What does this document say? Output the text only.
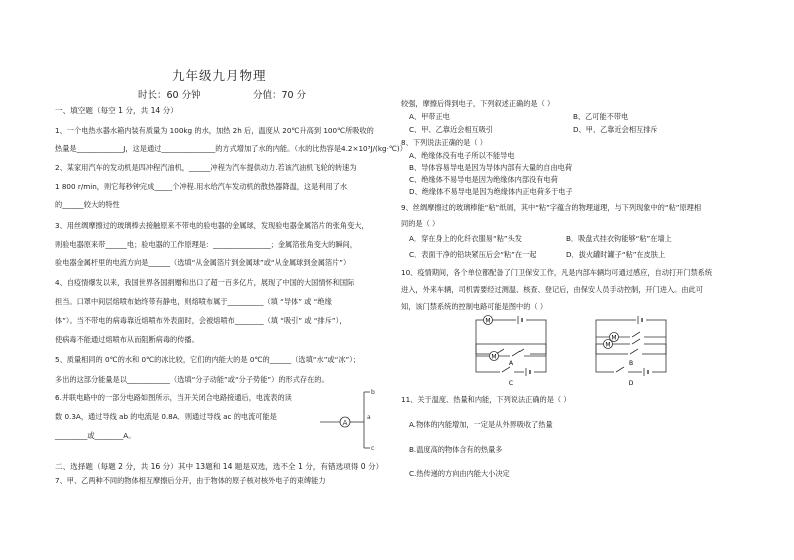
九年级九月物理
时长：60 分钟	分值：70 分
一、填空题（每空 1 分，共 14 分）
1、一个电热水器水箱内装有质量为 100kg 的水，加热 2h 后，温度从 20℃升高到 100℃所吸收的
热量是_____________J，这是通过_______________的方式增加了水的内能。（水的比热容是4.2×10³J/(kg·℃)）
2、某家用汽车的发动机是四冲程汽油机，______冲程为汽车提供动力.若该汽油机飞轮的转速为
1 800 r/min，则它每秒钟完成_____个冲程.用水给汽车发动机的散热器降温，这是利用了水
的______较大的特性
3、用丝绸摩擦过的玻璃棒去接触原来不带电的验电器的金属球，发现验电器金属箔片的张角变大，
则验电器原来带______电；验电器的工作原理是：________________；金属箔张角变大的瞬间，
验电器金属杆里的电流方向是______（选填“从金属箔片到金属球”或“从金属球到金属箔片”）
4、自疫情爆发以来，我国世界各国捐赠和出口了超一百多亿片，展现了中国的大国情怀和国际
担当。口罩中间层熔喷布始终带有静电，则熔喷布属于__________（填 “导体” 或 “绝缘
体”）。当不带电的病毒靠近熔喷布外表面时，会被熔喷布________（填 “吸引” 或 “排斥”），
使病毒不能通过熔喷布从而阻断病毒的传播。
5、质量相同的 0℃的水和 0℃的冰比较，它们的内能大的是 0℃的______（选填“水”或“冰”）；
多出的这部分能量是以____________（选填“分子动能”或“分子势能”）的形式存在的。
6.并联电路中的一部分电路如图所示，当开关闭合电路接通后，电流表的读
数 0.3A，通过导线 ab 的电流是 0.8A．则通过导线 ac 的电流可能是
_________或________A。
A
a
b
c
二、选择题（每题 2 分，共 16 分）其中 13题和 14 题是双选，选不全 1 分，有错选项得 0 分）
7、甲、乙两种不同的物体相互摩擦后分开，由于物体的原子核对核外电子的束缚能力
较强，摩擦后得到电子，下列叙述正确的是（ ）
A、甲带正电	B、乙可能不带电
C、甲、乙靠近会相互吸引	D、甲、乙靠近会相互排斥
8、下列说法正确的是（ ）
A、绝缘体没有电子所以不能导电
B、导体容易导电是因为导体内部有大量的自由电荷
C、绝缘体不易导电是因为绝缘体内部没有电荷
D、绝缘体不易导电是因为绝缘体内正电荷多于电子
9、丝绸摩擦过的玻璃棒能“粘”纸屑，其中“粘”字蕴含的物理道理，与下列现象中的“粘”原理相
同的是（ ）
A．穿在身上的化纤衣服易“粘”头发	B．吸盘式挂衣钩能够“粘”在墙上
C．表面干净的铅块紧压后会“粘”在一起	D．拔火罐时罐子“粘”在皮肤上
10、疫情期间，各个单位都配备了门卫保安工作，凡是内部车辆均可通过感应，自动打开门禁系统
进入，外来车辆，司机需要经过测温、核查、登记后，由保安人员手动控制，开门进入。由此可
知，该门禁系统的控制电路可能是图中的（ ）
M
A
M
B
M
C
M
D
11、关于温度、热量和内能，下列说法正确的是（ ）
A.物体的内能增加，一定是从外界吸收了热量
B.温度高的物体含有的热量多
C.热传递的方向由内能大小决定
